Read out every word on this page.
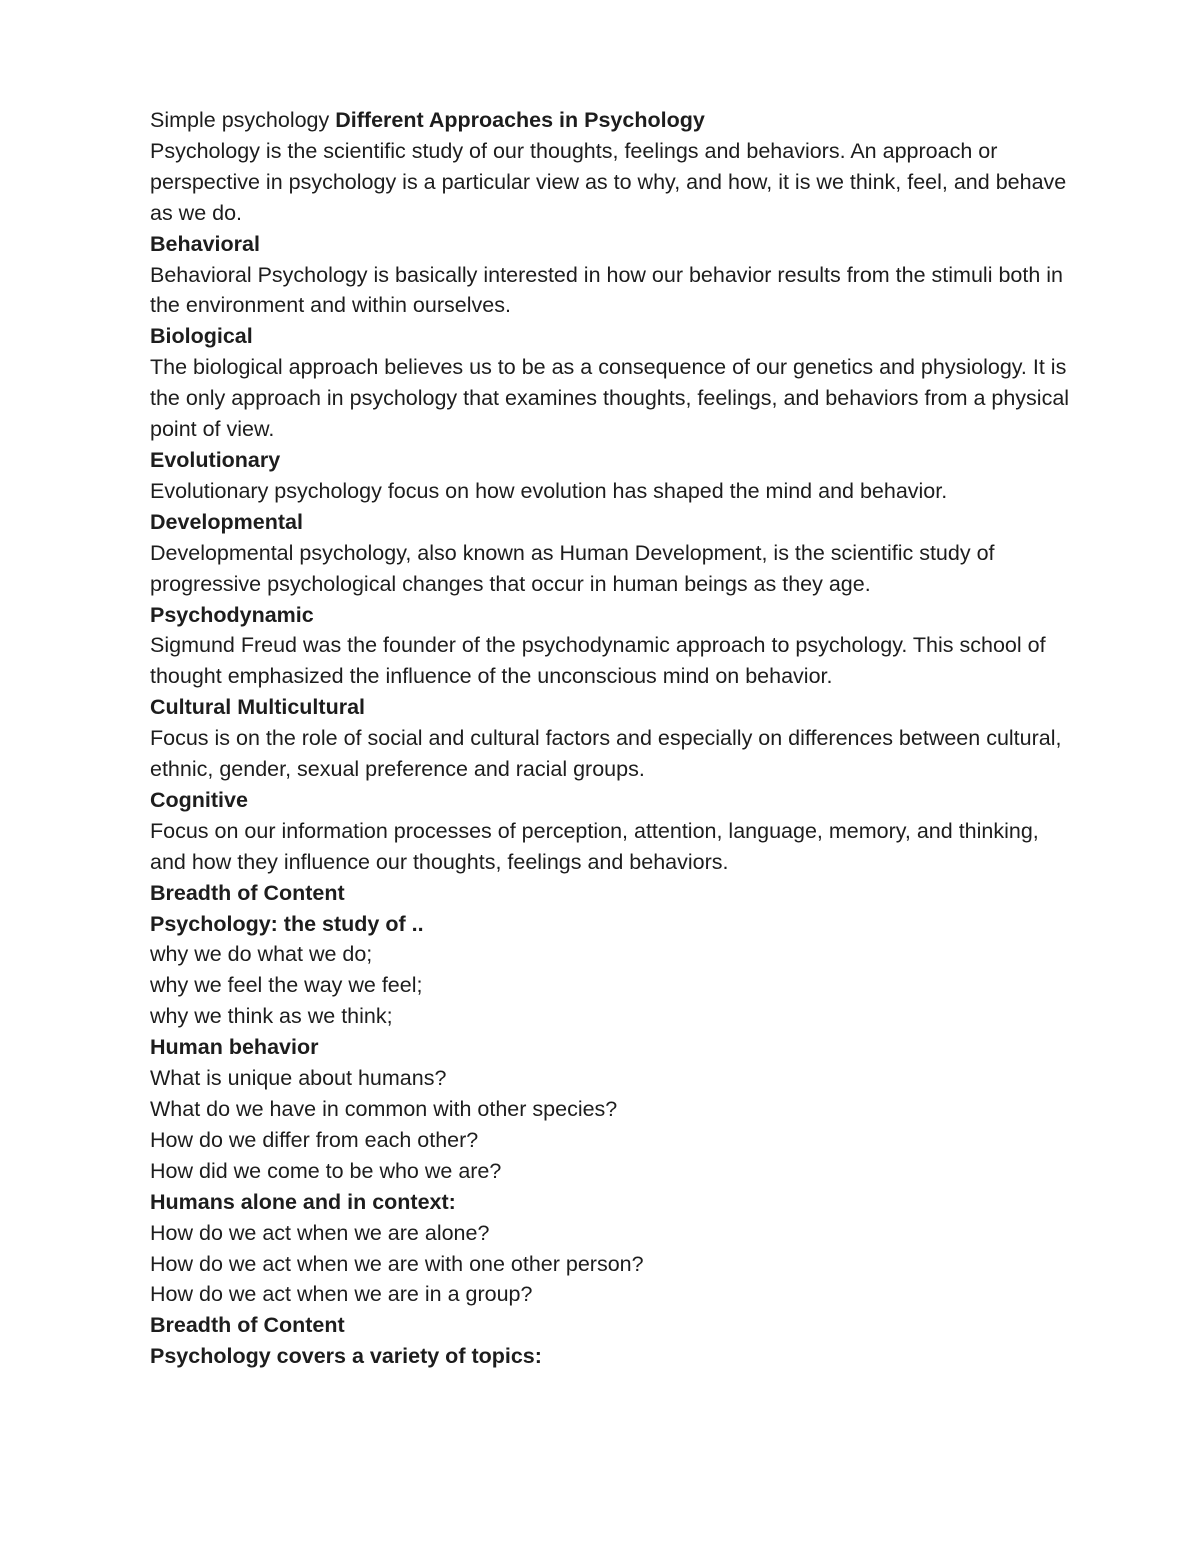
Simple psychology Different Approaches in Psychology
Psychology is the scientific study of our thoughts, feelings and behaviors. An approach or perspective in psychology is a particular view as to why, and how, it is we think, feel, and behave as we do.
Behavioral
Behavioral Psychology is basically interested in how our behavior results from the stimuli both in the environment and within ourselves.
Biological
The biological approach believes us to be as a consequence of our genetics and physiology. It is the only approach in psychology that examines thoughts, feelings, and behaviors from a physical point of view.
Evolutionary
Evolutionary psychology focus on how evolution has shaped the mind and behavior.
Developmental
Developmental psychology, also known as Human Development, is the scientific study of progressive psychological changes that occur in human beings as they age.
Psychodynamic
Sigmund Freud was the founder of the psychodynamic approach to psychology. This school of thought emphasized the influence of the unconscious mind on behavior.
Cultural Multicultural
Focus is on the role of social and cultural factors and especially on differences between cultural, ethnic, gender, sexual preference and racial groups.
Cognitive
Focus on our information processes of perception, attention, language, memory, and thinking, and how they influence our thoughts, feelings and behaviors.
Breadth of Content
Psychology: the study of ..
why we do what we do;
why we feel the way we feel;
why we think as we think;
Human behavior
What is unique about humans?
What do we have in common with other species?
How do we differ from each other?
How did we come to be who we are?
Humans alone and in context:
How do we act when we are alone?
How do we act when we are with one other person?
How do we act when we are in a group?
Breadth of Content
Psychology covers a variety of topics:
